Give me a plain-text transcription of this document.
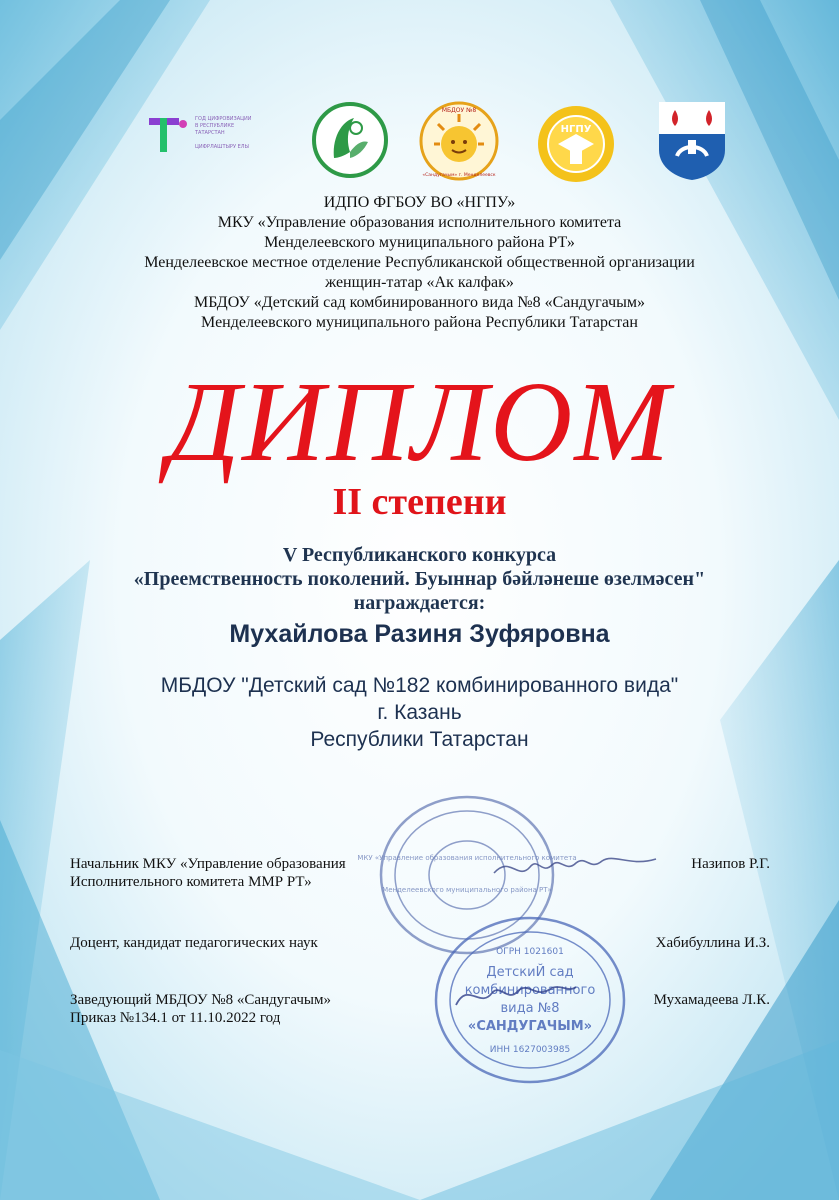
ГОД ЦИФРОВИЗАЦИИ
В РЕСПУБЛИКЕ
ТАТАРСТАН
ЦИФРЛАШТЫРУ ЕЛЫ
МБДОУ №8
«Сандугачым» г. Менделеевск
НГПУ
ИДПО ФГБОУ ВО «НГПУ»
МКУ «Управление образования исполнительного комитета
Менделеевского муниципального района РТ»
Менделеевское местное отделение Республиканской общественной организации
женщин-татар «Ак калфак»
МБДОУ «Детский сад комбинированного вида №8 «Сандугачым»
Менделеевского муниципального района Республики Татарстан
ДИПЛОМ
II степени
V Республиканского конкурса
«Преемственность поколений. Буыннар бәйләнеше өзелмәсен"
награждается:
Мухайлова Разиня Зуфяровна
МБДОУ "Детский сад №182 комбинированного вида"
г. Казань
Республики Татарстан
МКУ «Управление образования исполнительного комитета
Менделеевского муниципального района РТ»
ОГРН 1021601
ДетскиЙ сад
комбинированного
вида №8
«САНДУГАЧЫМ»
ИНН 1627003985
Начальник МКУ «Управление образования
Исполнительного комитета ММР РТ»
Назипов Р.Г.
Доцент, кандидат педагогических наук	Хабибуллина И.З.
Заведующий МБДОУ №8 «Сандугачым»
Приказ №134.1 от 11.10.2022 год
Мухамадеева Л.К.
